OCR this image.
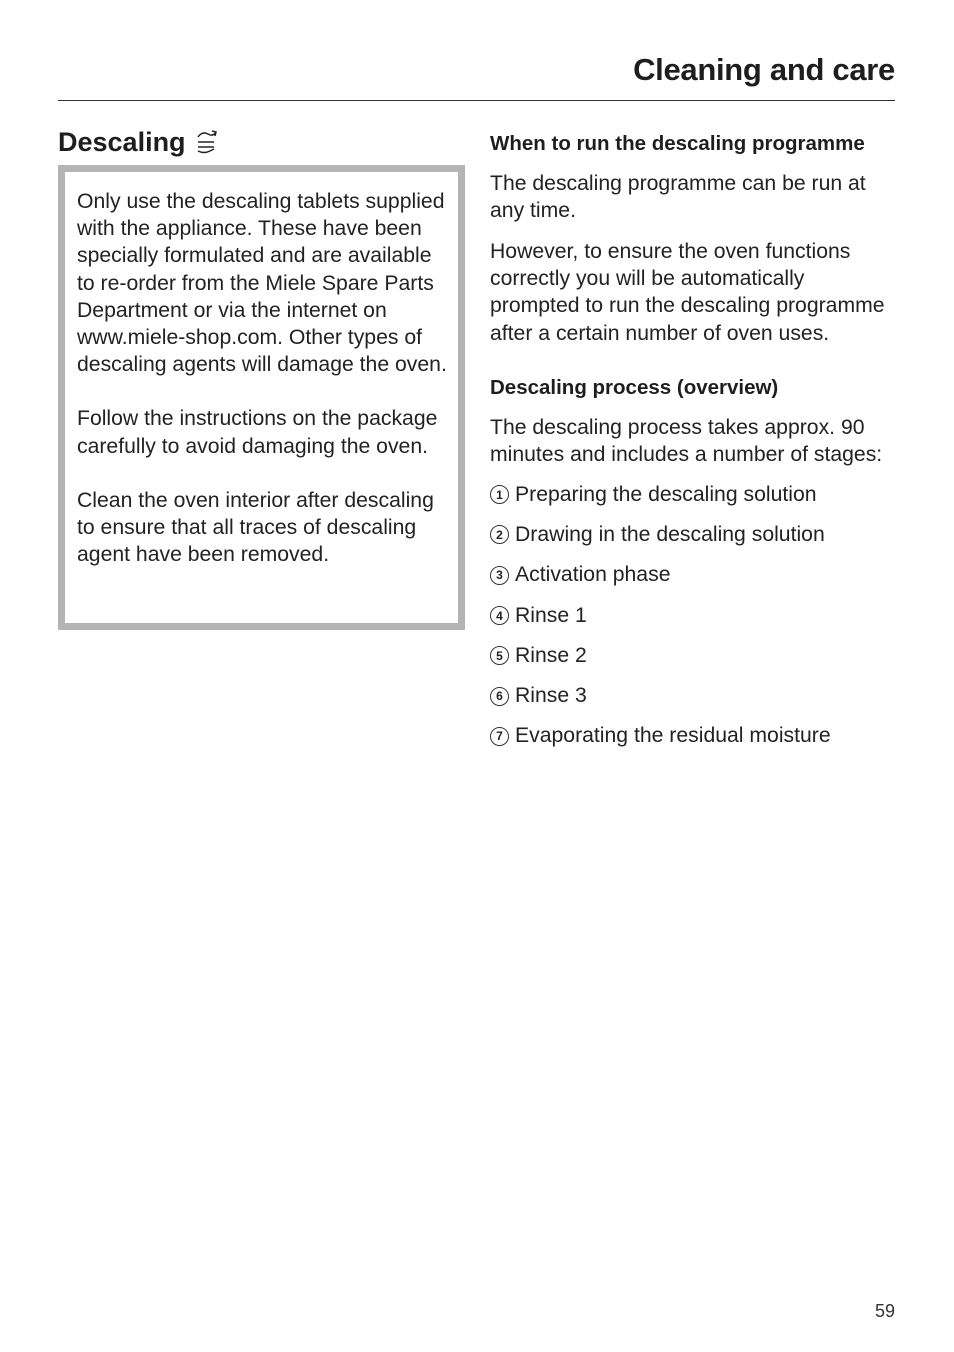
Cleaning and care
Descaling

Only use the descaling tablets supplied with the appliance. These have been specially formulated and are available to re-order from the Miele Spare Parts Department or via the internet on www.miele-shop.com. Other types of descaling agents will damage the oven.

Follow the instructions on the package carefully to avoid damaging the oven.

Clean the oven interior after descaling to ensure that all traces of descaling agent have been removed.

When to run the descaling programme

The descaling programme can be run at any time.

However, to ensure the oven functions correctly you will be automatically prompted to run the descaling programme after a certain number of oven uses.

Descaling process (overview)

The descaling process takes approx. 90 minutes and includes a number of stages:

1 Preparing the descaling solution
2 Drawing in the descaling solution
3 Activation phase
4 Rinse 1
5 Rinse 2
6 Rinse 3
7 Evaporating the residual moisture
59
